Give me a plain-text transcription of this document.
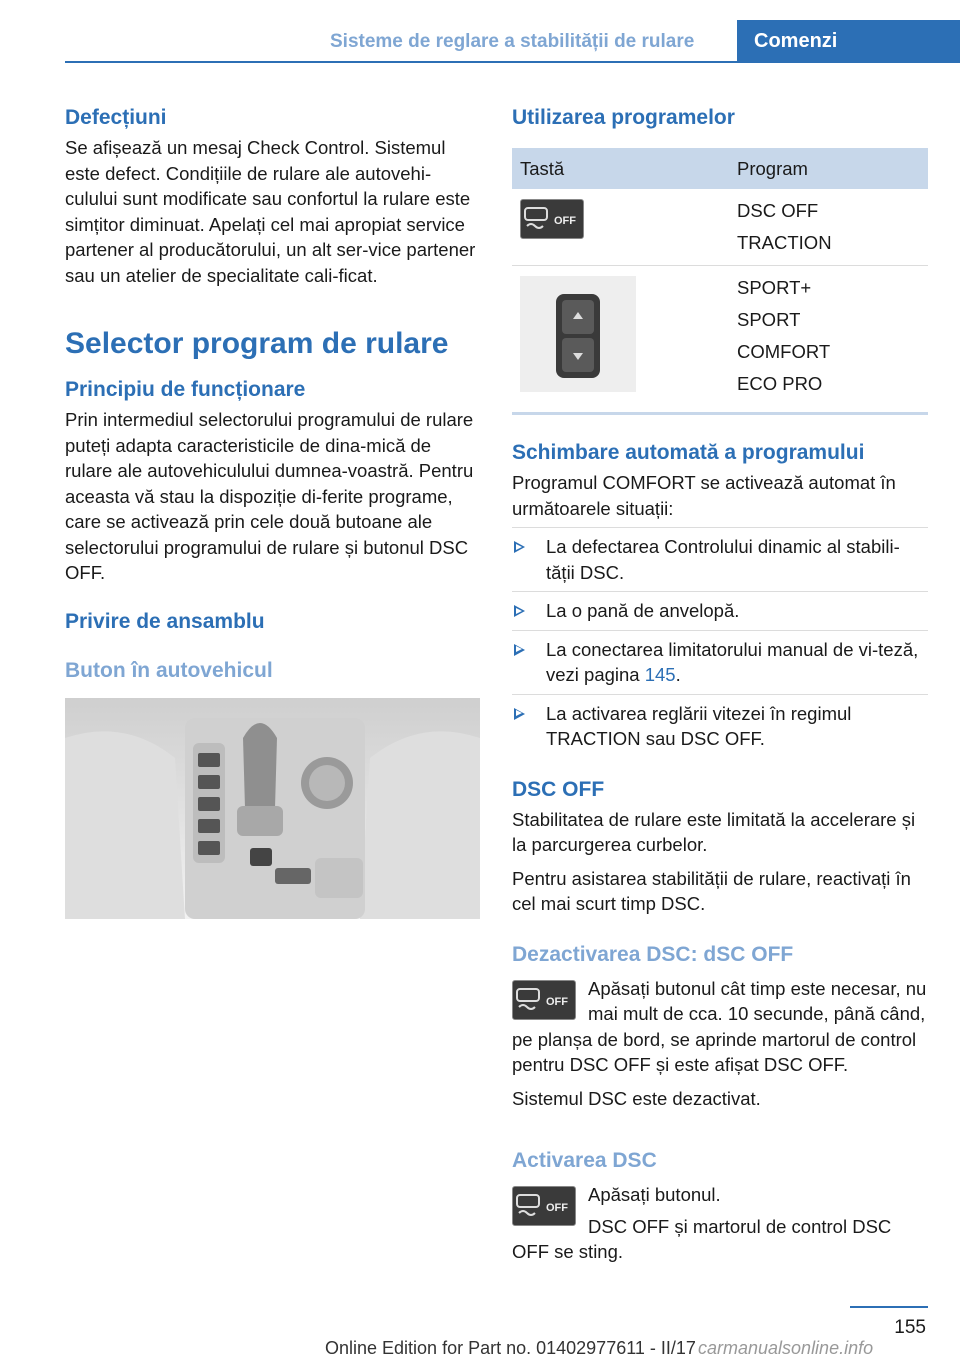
Sisteme de reglare a stabilității de rulare	Comenzi
Defecțiuni
Se afișează un mesaj Check Control. Sistemul este defect. Condițiile de rulare ale autovehi-culului sunt modificate sau confortul la rulare este simțitor diminuat. Apelați cel mai apropiat service partener al producătorului, un alt ser-vice partener sau un atelier de specialitate cali-ficat.
Selector program de rulare
Principiu de funcționare
Prin intermediul selectorului programului de rulare puteți adapta caracteristicile de dina-mică de rulare ale autovehiculului dumnea-voastră. Pentru aceasta vă stau la dispoziție di-ferite programe, care se activează prin cele două butoane ale selectorului programului de rulare și butonul DSC OFF.
Privire de ansamblu
Buton în autovehicul
Utilizarea programelor
Tastă	Program

OFF	DSC OFF
TRACTION

SPORT+
SPORT
COMFORT
ECO PRO
Schimbare automată a programului
Programul COMFORT se activează automat în următoarele situații:
La defectarea Controlului dinamic al stabili-tății DSC.
La o pană de anvelopă.
La conectarea limitatorului manual de vi-teză, vezi pagina 145.
La activarea reglării vitezei în regimul TRACTION sau DSC OFF.
DSC OFF
Stabilitatea de rulare este limitată la accelerare și la parcurgerea curbelor.
Pentru asistarea stabilității de rulare, reactivați în cel mai scurt timp DSC.
Dezactivarea DSC: dSC OFF
OFF
Apăsați butonul cât timp este necesar, nu mai mult de cca. 10 secunde, până când, pe planșa de bord, se aprinde martorul de control pentru DSC OFF și este afișat DSC OFF.
Sistemul DSC este dezactivat.
Activarea DSC
OFF
Apăsați butonul.
DSC OFF și martorul de control DSC OFF se sting.
155
Online Edition for Part no. 01402977611 - II/17 carmanualsonline.info
